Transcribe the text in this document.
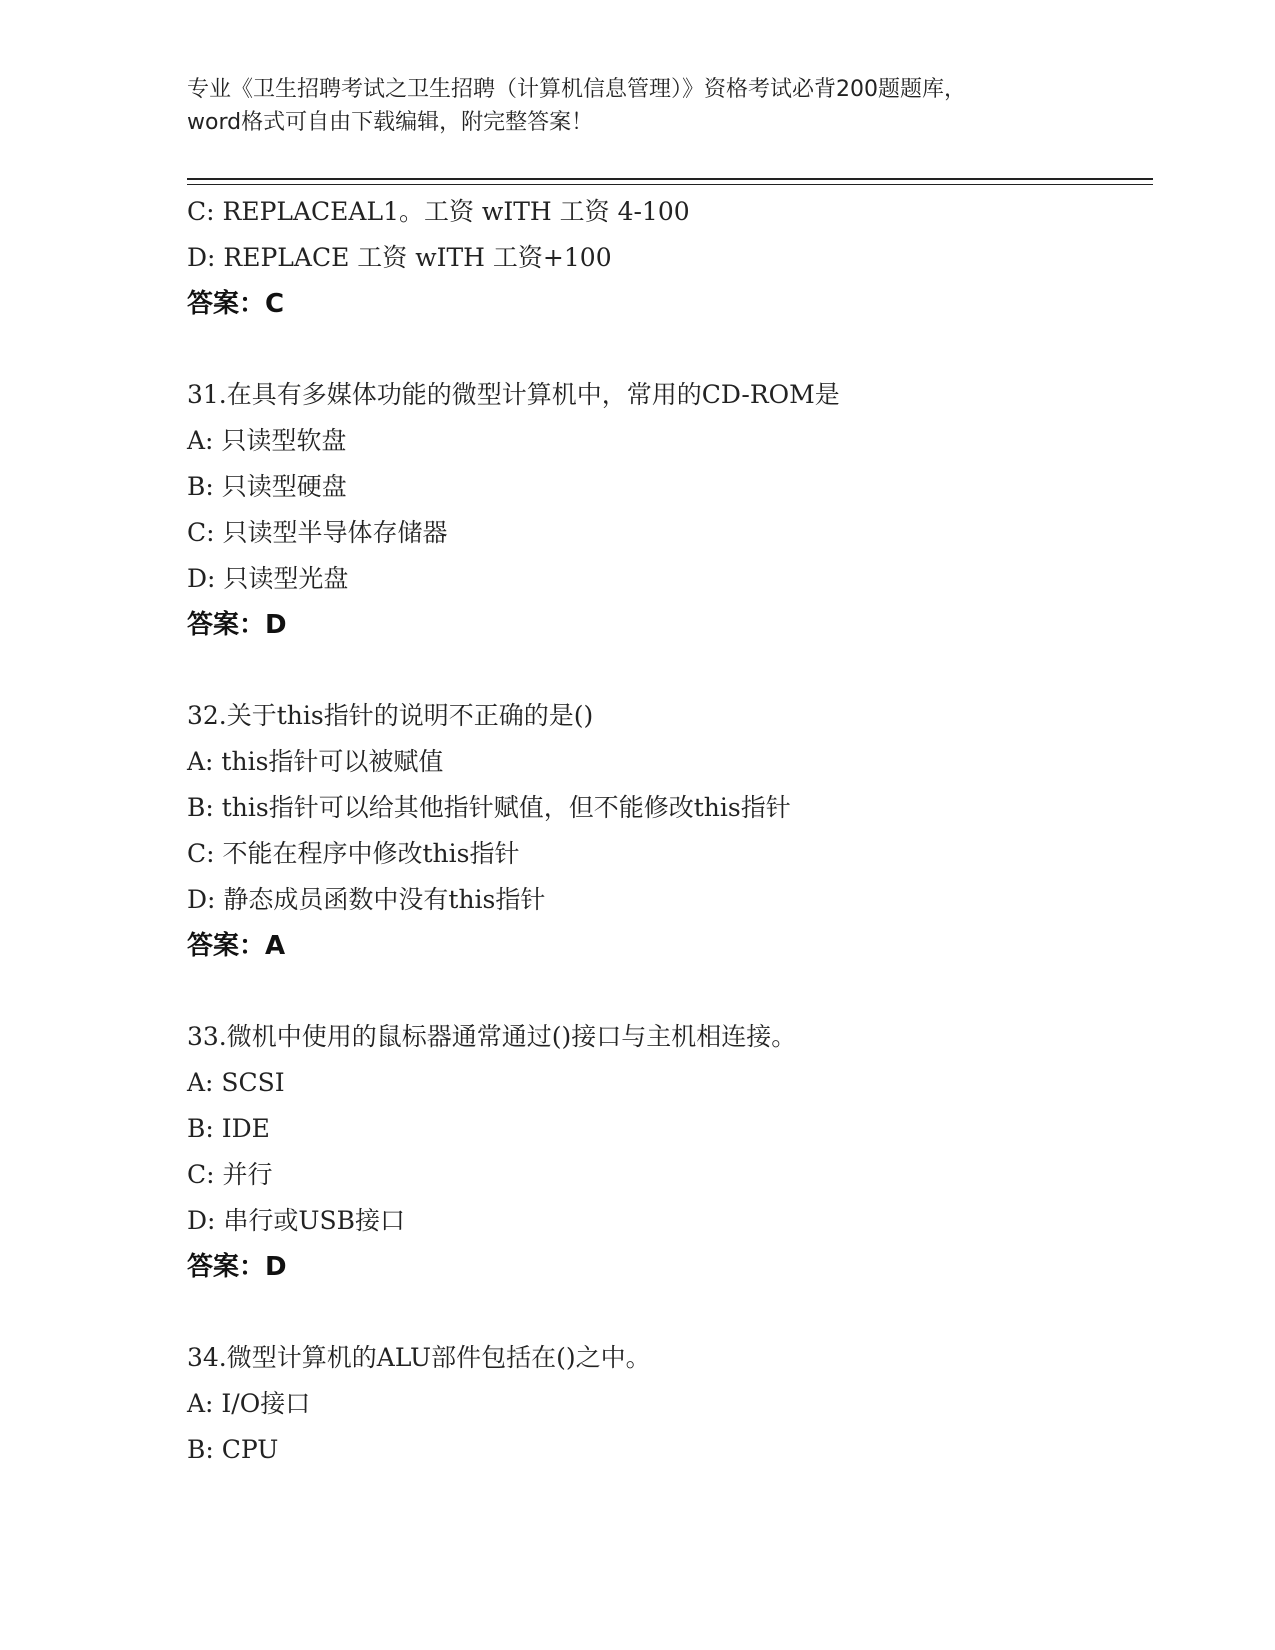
专业《卫生招聘考试之卫生招聘（计算机信息管理）》资格考试必背200题题库，
word格式可自由下载编辑，附完整答案！
C: REPLACEAL1。工资 wITH 工资 4-100
D: REPLACE 工资 wITH 工资+100
答案：C
31.在具有多媒体功能的微型计算机中，常用的CD-ROM是
A: 只读型软盘
B: 只读型硬盘
C: 只读型半导体存储器
D: 只读型光盘
答案：D
32.关于this指针的说明不正确的是()
A: this指针可以被赋值
B: this指针可以给其他指针赋值，但不能修改this指针
C: 不能在程序中修改this指针
D: 静态成员函数中没有this指针
答案：A
33.微机中使用的鼠标器通常通过()接口与主机相连接。
A: SCSI
B: IDE
C: 并行
D: 串行或USB接口
答案：D
34.微型计算机的ALU部件包括在()之中。
A: I/O接口
B: CPU
